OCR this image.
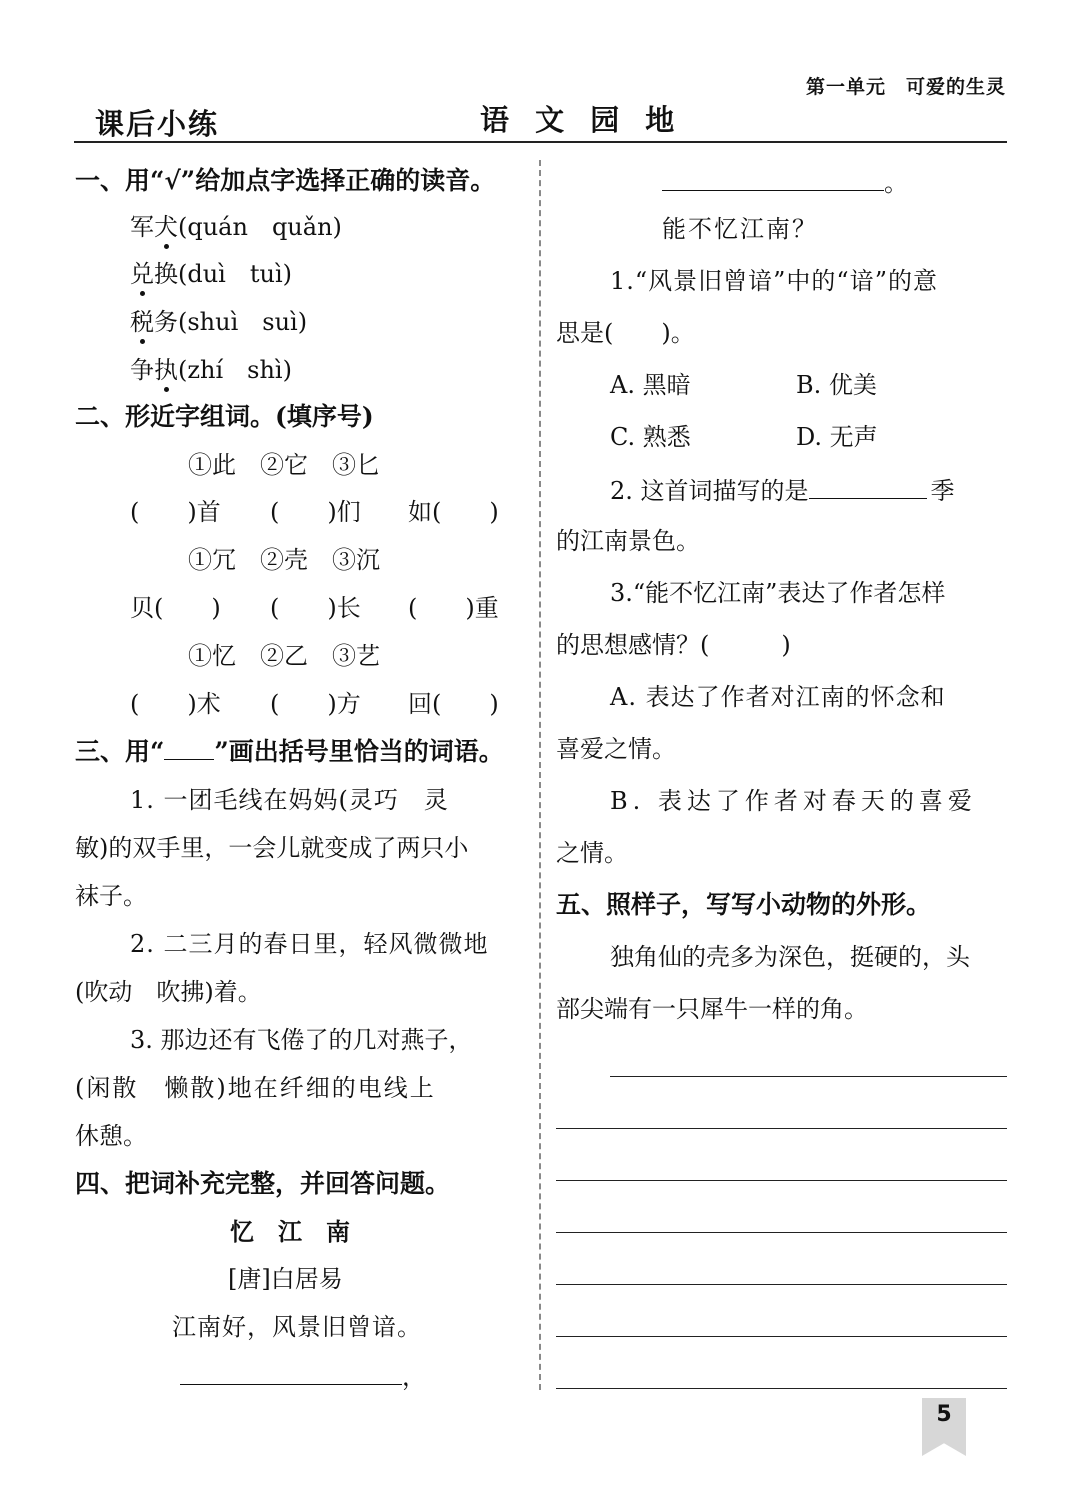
第一单元　可爱的生灵
课后小练	语 文 园 地
一、用“√”给加点字选择正确的读音。
军犬(quán　quǎn)
兑换(duì　tuì)
税务(shuì　suì)
争执(zhí　shì)
二、形近字组词。(填序号)
①此　②它　③匕
(　　)首 (　　)们 如(　　)
①冗　②壳　③沉
贝(　　) (　　)长 (　　)重
①忆　②乙　③艺
(　　)术 (　　)方 回(　　)
三、用“ ”画出括号里恰当的词语。
1. 一团毛线在妈妈(灵巧　灵
敏)的双手里，一会儿就变成了两只小
袜子。
2. 二三月的春日里，轻风微微地
(吹动　吹拂)着。
3. 那边还有飞倦了的几对燕子，
(闲散　懒散)地在纤细的电线上
休憩。
四、把词补充完整，并回答问题。
忆　江　南
[唐]白居易
江南好，风景旧曾谙。
，
。
能不忆江南？
1.“风景旧曾谙”中的“谙”的意
思是(　　)。
A. 黑暗	B. 优美
C. 熟悉	D. 无声
2. 这首词描写的是	季
的江南景色。
3.“能不忆江南”表达了作者怎样
的思想感情？(　　　)
A. 表达了作者对江南的怀念和
喜爱之情。
B. 表达了作者对春天的喜爱
之情。
五、照样子，写写小动物的外形。
独角仙的壳多为深色，挺硬的，头
部尖端有一只犀牛一样的角。
5
